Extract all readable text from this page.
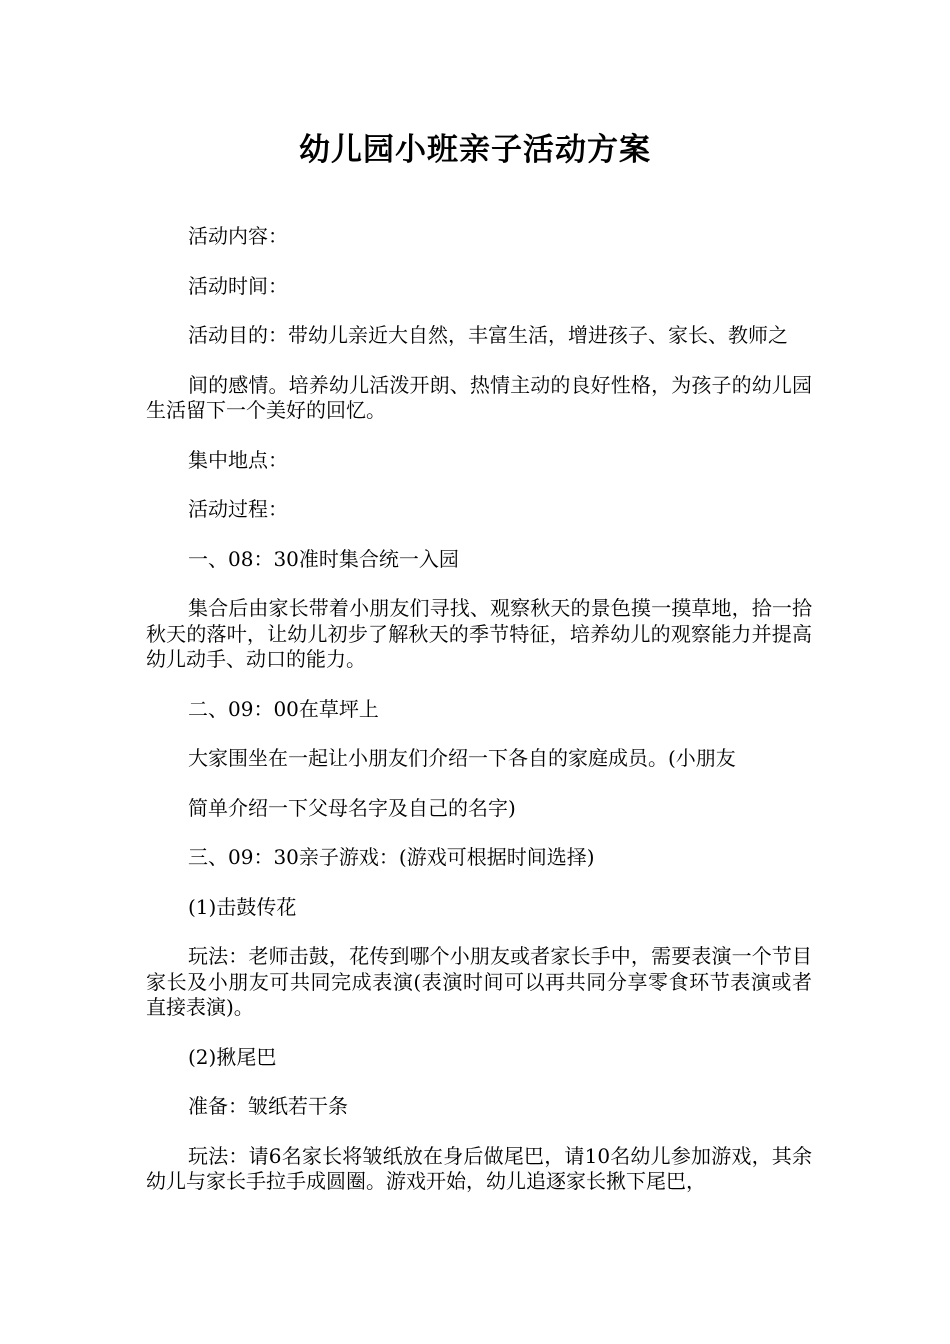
幼儿园小班亲子活动方案

活动内容：

活动时间：

活动目的：带幼儿亲近大自然，丰富生活，增进孩子、家长、教师之

间的感情。培养幼儿活泼开朗、热情主动的良好性格，为孩子的幼儿园生活留下一个美好的回忆。

集中地点：

活动过程：

一、08：30准时集合统一入园

集合后由家长带着小朋友们寻找、观察秋天的景色摸一摸草地，拾一拾秋天的落叶，让幼儿初步了解秋天的季节特征，培养幼儿的观察能力并提高幼儿动手、动口的能力。

二、09：00在草坪上

大家围坐在一起让小朋友们介绍一下各自的家庭成员。(小朋友

简单介绍一下父母名字及自己的名字)

三、09：30亲子游戏：(游戏可根据时间选择)

(1)击鼓传花

玩法：老师击鼓，花传到哪个小朋友或者家长手中，需要表演一个节目家长及小朋友可共同完成表演(表演时间可以再共同分享零食环节表演或者直接表演)。

(2)揪尾巴

准备：皱纸若干条

玩法：请6名家长将皱纸放在身后做尾巴，请10名幼儿参加游戏，其余幼儿与家长手拉手成圆圈。游戏开始，幼儿追逐家长揪下尾巴，
